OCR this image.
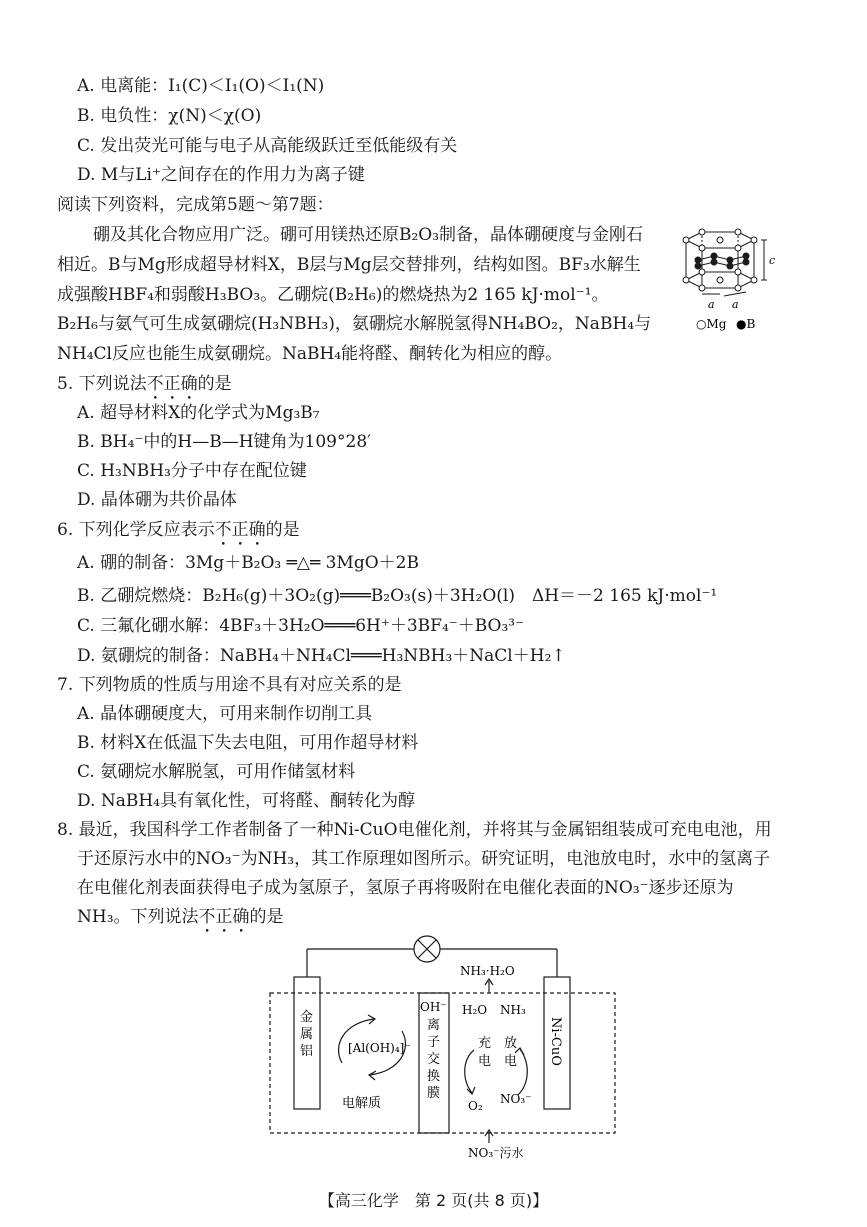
A. 电离能：I₁(C)＜I₁(O)＜I₁(N)
B. 电负性：χ(N)＜χ(O)
C. 发出荧光可能与电子从高能级跃迁至低能级有关
D. M与Li⁺之间存在的作用力为离子键
阅读下列资料，完成第5题～第7题：
硼及其化合物应用广泛。硼可用镁热还原B₂O₃制备，晶体硼硬度与金刚石
相近。B与Mg形成超导材料X，B层与Mg层交替排列，结构如图。BF₃水解生
成强酸HBF₄和弱酸H₃BO₃。乙硼烷(B₂H₆)的燃烧热为2 165 kJ·mol⁻¹。
B₂H₆与氨气可生成氨硼烷(H₃NBH₃)，氨硼烷水解脱氢得NH₄BO₂，NaBH₄与
NH₄Cl反应也能生成氨硼烷。NaBH₄能将醛、酮转化为相应的醇。
c
a a
○Mg ●B
5. 下列说法不正确的是
A. 超导材料X的化学式为Mg₃B₇
B. BH₄⁻中的H—B—H键角为109°28′
C. H₃NBH₃分子中存在配位键
D. 晶体硼为共价晶体
6. 下列化学反应表示不正确的是
A. 硼的制备：3Mg＋B₂O₃ ═△═ 3MgO＋2B
B. 乙硼烷燃烧：B₂H₆(g)＋3O₂(g)═══B₂O₃(s)＋3H₂O(l)　ΔH＝－2 165 kJ·mol⁻¹
C. 三氟化硼水解：4BF₃＋3H₂O═══6H⁺＋3BF₄⁻＋BO₃³⁻
D. 氨硼烷的制备：NaBH₄＋NH₄Cl═══H₃NBH₃＋NaCl＋H₂↑
7. 下列物质的性质与用途不具有对应关系的是
A. 晶体硼硬度大，可用来制作切削工具
B. 材料X在低温下失去电阻，可用作超导材料
C. 氨硼烷水解脱氢，可用作储氢材料
D. NaBH₄具有氧化性，可将醛、酮转化为醇
8. 最近，我国科学工作者制备了一种Ni-CuO电催化剂，并将其与金属铝组装成可充电电池，用
于还原污水中的NO₃⁻为NH₃，其工作原理如图所示。研究证明，电池放电时，水中的氢离子
在电催化剂表面获得电子成为氢原子，氢原子再将吸附在电催化表面的NO₃⁻逐步还原为
NH₃。下列说法不正确的是
NH₃·H₂O
金
属
铝	[Al(OH)₄]⁻
电解质
OH⁻
离
子
交
换
膜
H₂O NH₃
充
电
放
电
O₂ NO₃⁻
Ni-CuO
NO₃⁻污水
【高三化学　第 2 页(共 8 页)】
